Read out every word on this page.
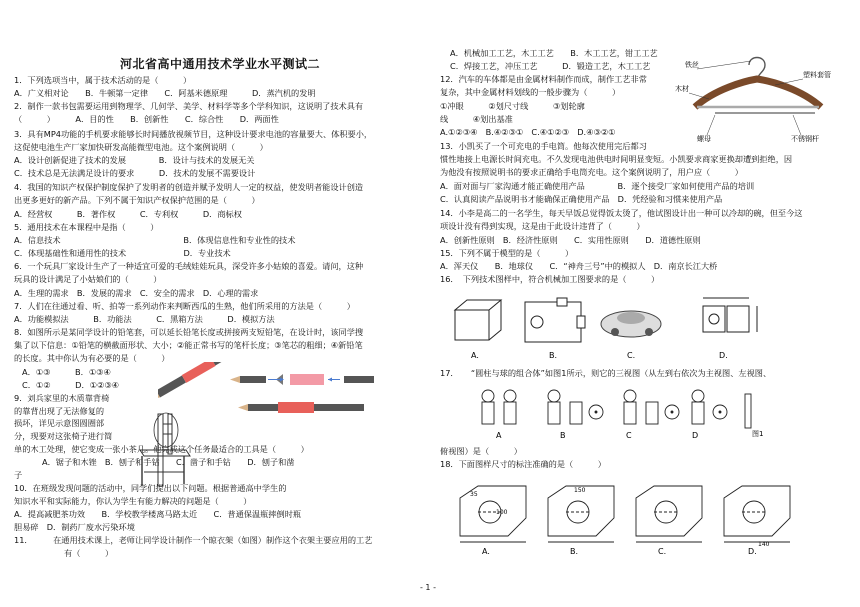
河北省高中通用技术学业水平测试二
1．下列选项当中，属于技术活动的是（　　　）
A．广义相对论　　B．牛顿第一定律　　C．阿基米德原理　　　D．蒸汽机的发明
2．制作一款书包需要运用到物理学、几何学、美学、材料学等多个学科知识，这说明了技术具有
（　　　）　　　A．目的性　　B．创新性　　C．综合性　　D．两面性
3．具有MP4功能的手机要求能够长时间播放视频节目，这种设计要求电池的容量要大、体积要小，
这促使电池生产厂家加快研发高能微型电池。这个案例说明（　　　）
A．设计创新促进了技术的发展　　　　B．设计与技术的发展无关
C．技术总是无法满足设计的要求　　　D．技术的发展不需要设计
4．我国的知识产权保护制度保护了发明者的创造并赋予发明人一定的权益，使发明者能设计创造
出更多更好的新产品。下列不属于知识产权保护范围的是（　　　）
A．经营权　　　B．著作权　　　C．专利权　　　D．商标权
5．通用技术在本课程中是指（　　　）
A．信息技术　　　　　　　　　　　　　　　B．体现信息性和专业性的技术
C．体现基础性和通用性的技术　　　　　　　D．专业技术
6．一个玩具厂家设计生产了一种适宜可爱的毛绒娃娃玩具，深受许多小姑娘的喜爱。请问，这种
玩具的设计满足了小姑娘们的（　　　）
A．生理的需求　B．发展的需求　C．安全的需求　D．心理的需求
7．人们在往通过看、听、拍等一系列动作来判断西瓜的生熟，他们所采用的方法是（　　　）
A．功能模拟法　　　B．功能法　　　C．黑箱方法　　　D．模拟方法
8．如图所示是某同学设计的铅笔套，可以延长铅笔长度或拼接两支短铅笔，在设计时，该同学搜
集了以下信息：①铅笔的横截面形状、大小；②能正常书写的笔杆长度；③笔芯的粗细；④新铅笔
的长度。其中你认为有必要的是（　　　）
A．①③　　　B．①③④
C．①②　　　D．①②③④
9．刘兵家里的木质靠背椅
的靠背出现了无法修复的
损坏，详见示意图圆圈部
分，现要对这张椅子进行简
单的木工处理，使它变成一张小茶几。他完成这个任务最适合的工具是（　　　）
A．锯子和木锉　B．刨子和手钻　　C．凿子和手钻　　D．刨子和凿
子
10．在班级发现问题的活动中，同学们提出以下问题。根据普通高中学生的
知识水平和实际能力，你认为学生有能力解决的问题是（　　　）
A．提高减肥茶功效　　B．学校教学楼离马路太近　　C．普通保温瓶摔倒时瓶
胆易碎　D．制药厂废水污染环境
11．　　　在通用技术课上，老师让同学设计制作一个晾衣架（如图）制作这个衣架主要应用的工艺
有（　　　）
A．机械加工工艺，木工工艺　　B．木工工艺，钳工工艺
C．焊接工艺，冲压工艺　　　D．锻造工艺，木工工艺
12．汽车的车体都是由金属材料制作而成，制作工艺非常
复杂，其中金属材料划线的一般步骤为（　　　）
①冲眼　　　②划尺寸线　　　③划轮廓
线　　　④划出基准
A.①②③④　B.④②③①　C.④①②③　D.④③②①
13．小凯买了一个可充电的手电筒。他每次使用完后都习
惯性地接上电源长时间充电。不久发现电池供电时间明显变短。小凯要求商家更换却遭到拒绝，因
为他没有按照说明书的要求正确给手电筒充电。这个案例说明了，用户应（　　　）
A．面对面与厂家沟通才能正确使用产品　　　　B．逐个接受厂家如何使用产品的培训
C．认真阅读产品说明书才能确保正确使用产品　D．凭经验和习惯来使用产品
14．小李是高二的一名学生，每天早饭总觉得饭太烫了，他试图设计出一种可以冷却的碗，但至今这
项设计没有得到实现，这是由于此设计违背了（　　　）
A．创新性原则　B．经济性原则　　C．实用性原则　　D．道德性原则
15．下列不属于模型的是（　　　）
A．浑天仪　　B．地球仪　　C．“神舟三号”中的模拟人　D．南京长江大桥
16．　下列技术图样中，符合机械加工图要求的是（　　　）
17．　　“圆柱与球的组合体”如图1所示，则它的三视图（从左到右依次为主视图、左视图、
俯视图）是（　　　）
18．下面图样尺寸的标注准确的是（　　　）
铁丝
塑料套管
木材
螺母	不锈钢杆
A.	B.	C.	D.
A	B	C	D	图1
A.	B.	C.	D.
35
100
150
140
- 1 -
